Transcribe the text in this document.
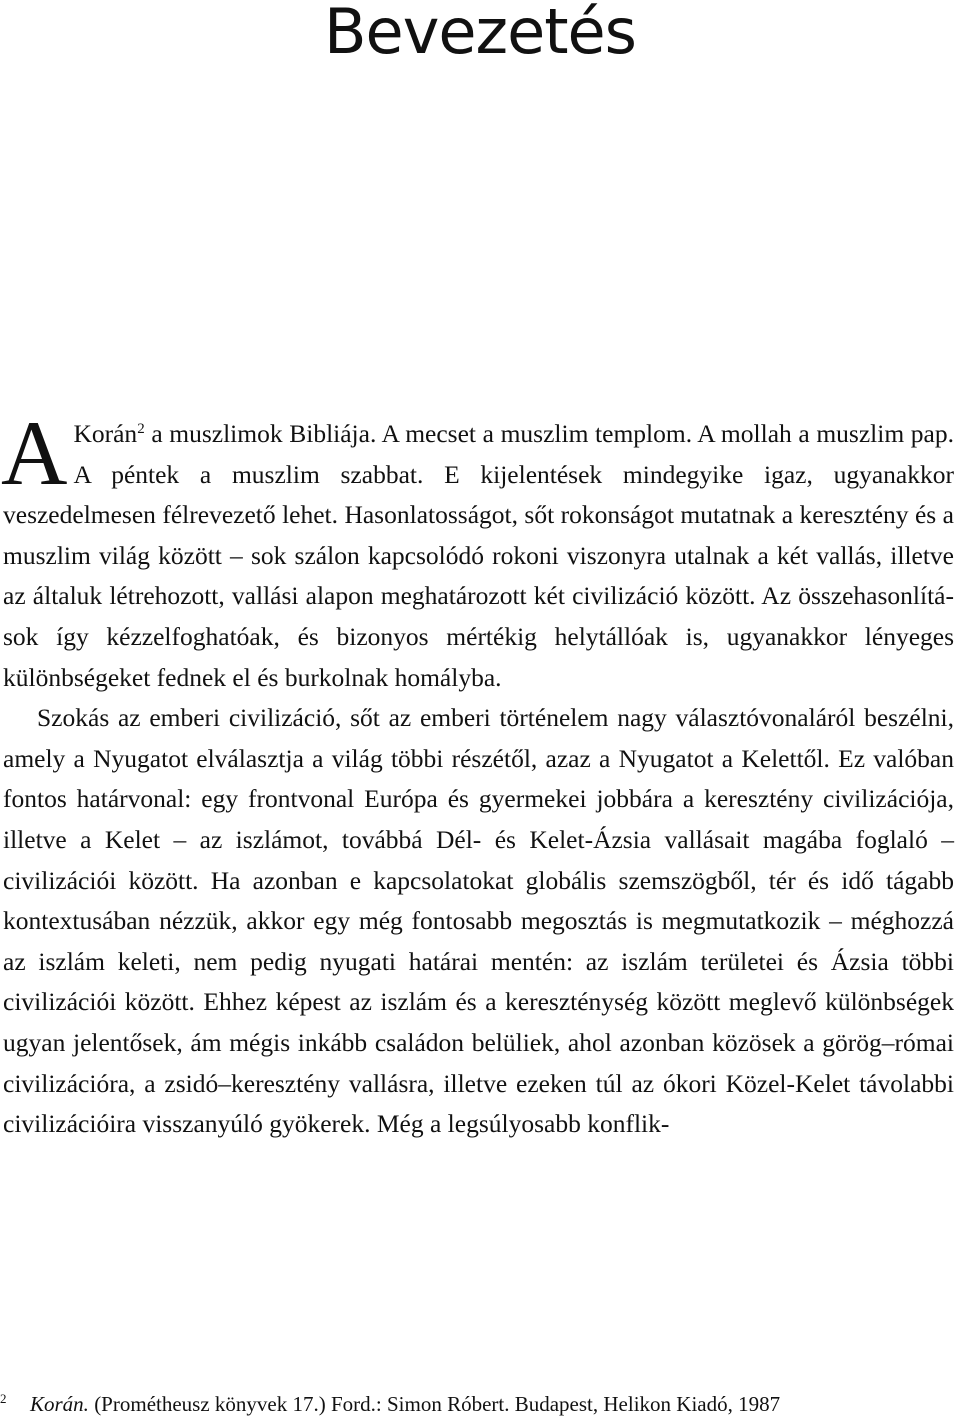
Bevezetés

A Korán$^2$ a muszlimok Bibliája. A mecset a muszlim templom. A mollah a muszlim pap. A péntek a muszlim szabbat. E kijelentések mindegyike igaz, ugyanakkor veszedelmesen félrevezető lehet. Hasonlatosságot, sőt rokonságot mutatnak a keresztény és a muszlim világ között – sok szálon kapcsolódó rokoni viszonyra utalnak a két vallás, illetve az általuk létrehozott, vallási alapon meghatározott két civilizáció között. Az összehasonlítások így kézzelfoghatóak, és bizonyos mértékig helytállóak is, ugyanakkor lényeges különbségeket fednek el és burkolnak homályba.

Szokás az emberi civilizáció, sőt az emberi történelem nagy választóvonaláról beszélni, amely a Nyugatot elválasztja a világ többi részétől, azaz a Nyugatot a Kelettől. Ez valóban fontos határvonal: egy frontvonal Európa és gyermekei jobbára a keresztény civilizációja, illetve a Kelet – az iszlámot, továbbá Dél- és Kelet-Ázsia vallásait magába foglaló – civilizációi között. Ha azonban e kapcsolatokat globális szemszögből, tér és idő tágabb kontextusában nézzük, akkor egy még fontosabb megosztás is megmutatkozik – méghozzá az iszlám keleti, nem pedig nyugati határai mentén: az iszlám területei és Ázsia többi civilizációi között. Ehhez képest az iszlám és a kereszténység között meglevő különbségek ugyan jelentősek, ám mégis inkább családon belüliek, ahol azonban közösek a görög–római civilizációra, a zsidó–keresztény vallásra, illetve ezeken túl az ókori Közel-Kelet távolabbi civilizációira visszanyúló gyökerek. Még a legsúlyosabb konflik-

2 Korán. (Prométheusz könyvek 17.) Ford.: Simon Róbert. Budapest, Helikon Kiadó, 1987
